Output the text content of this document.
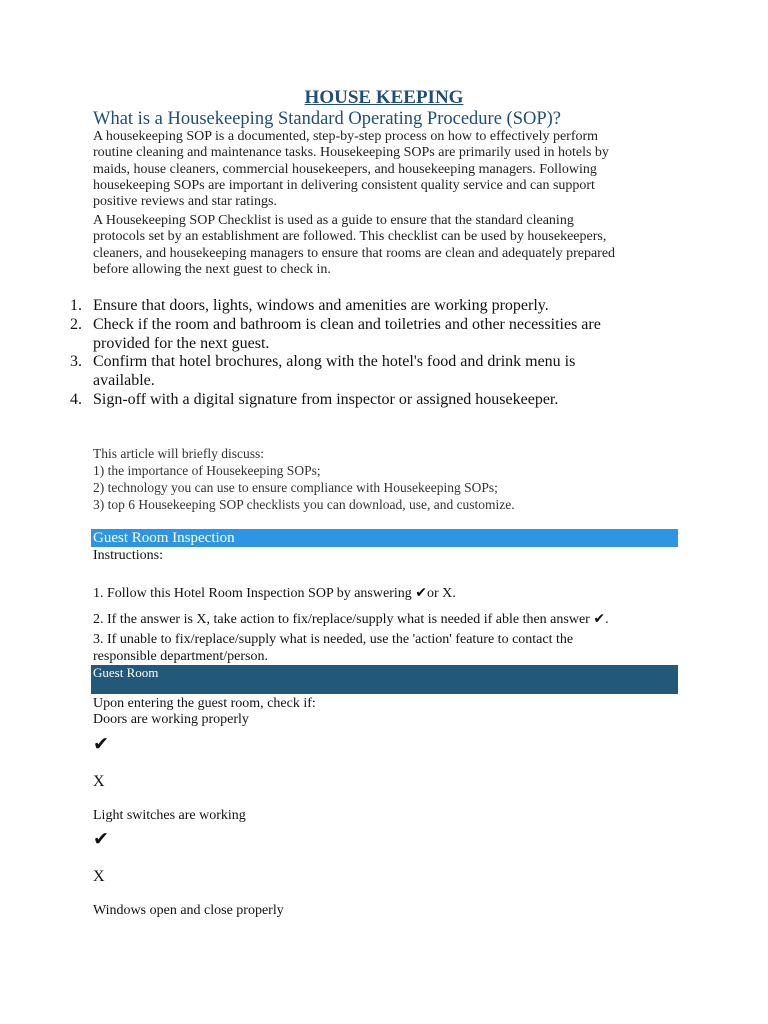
HOUSE KEEPING
What is a Housekeeping Standard Operating Procedure (SOP)?
A housekeeping SOP is a documented, step-by-step process on how to effectively perform
routine cleaning and maintenance tasks. Housekeeping SOPs are primarily used in hotels by
maids, house cleaners, commercial housekeepers, and housekeeping managers. Following
housekeeping SOPs are important in delivering consistent quality service and can support
positive reviews and star ratings.
A Housekeeping SOP Checklist is used as a guide to ensure that the standard cleaning
protocols set by an establishment are followed. This checklist can be used by housekeepers,
cleaners, and housekeeping managers to ensure that rooms are clean and adequately prepared
before allowing the next guest to check in.
1. Ensure that doors, lights, windows and amenities are working properly.
2. Check if the room and bathroom is clean and toiletries and other necessities are
provided for the next guest.
3. Confirm that hotel brochures, along with the hotel's food and drink menu is
available.
4. Sign-off with a digital signature from inspector or assigned housekeeper.
This article will briefly discuss:
1) the importance of Housekeeping SOPs;
2) technology you can use to ensure compliance with Housekeeping SOPs;
3) top 6 Housekeeping SOP checklists you can download, use, and customize.
Guest Room Inspection
Instructions:
1. Follow this Hotel Room Inspection SOP by answering ✔or X.
2. If the answer is X, take action to fix/replace/supply what is needed if able then answer ✔.
3. If unable to fix/replace/supply what is needed, use the 'action' feature to contact the
responsible department/person.
Guest Room
Upon entering the guest room, check if:
Doors are working properly
✔
X
Light switches are working
✔
X
Windows open and close properly
